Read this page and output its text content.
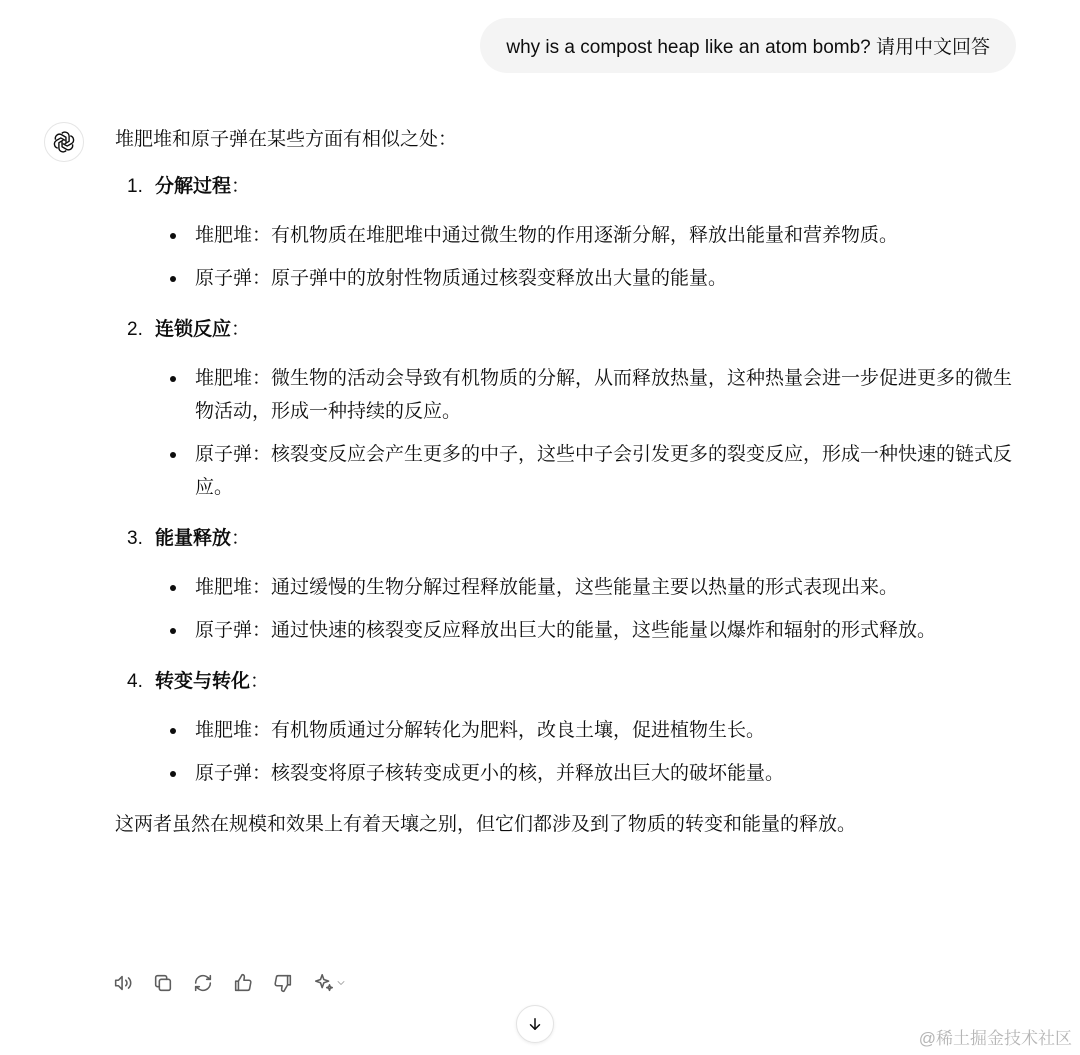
why is a compost heap like an atom bomb? 请用中文回答

堆肥堆和原子弹在某些方面有相似之处：

1. 分解过程：

堆肥堆：有机物质在堆肥堆中通过微生物的作用逐渐分解，释放出能量和营养物质。
原子弹：原子弹中的放射性物质通过核裂变释放出大量的能量。

2. 连锁反应：

堆肥堆：微生物的活动会导致有机物质的分解，从而释放热量，这种热量会进一步促进更多的微生物活动，形成一种持续的反应。
原子弹：核裂变反应会产生更多的中子，这些中子会引发更多的裂变反应，形成一种快速的链式反应。

3. 能量释放：

堆肥堆：通过缓慢的生物分解过程释放能量，这些能量主要以热量的形式表现出来。
原子弹：通过快速的核裂变反应释放出巨大的能量，这些能量以爆炸和辐射的形式释放。

4. 转变与转化：

堆肥堆：有机物质通过分解转化为肥料，改良土壤，促进植物生长。
原子弹：核裂变将原子核转变成更小的核，并释放出巨大的破坏能量。

这两者虽然在规模和效果上有着天壤之别，但它们都涉及到了物质的转变和能量的释放。

@稀土掘金技术社区
